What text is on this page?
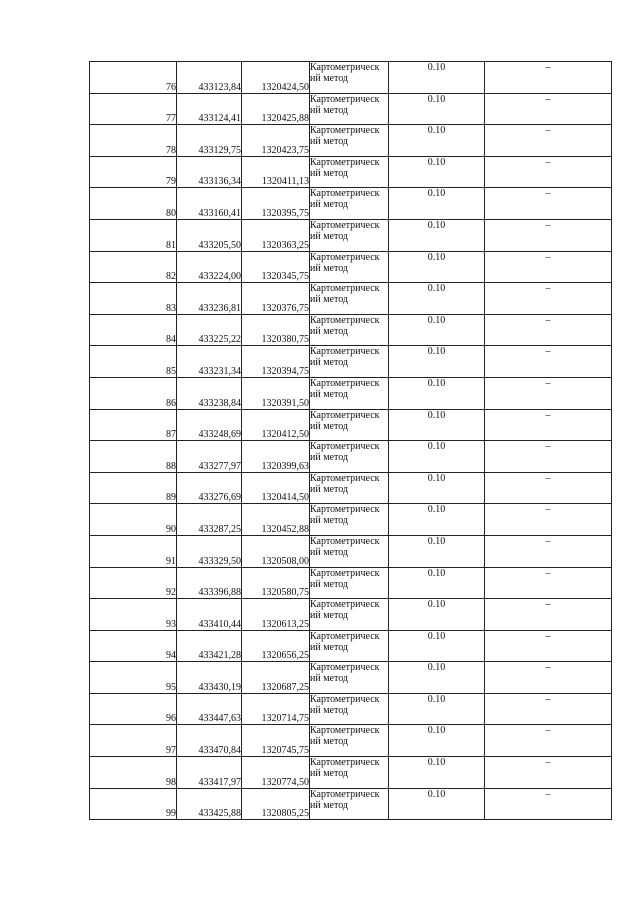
76	433123,84	1320424,50	Картометрическ
ий метод	0.10	–
77	433124,41	1320425,88	Картометрическ
ий метод	0.10	–
78	433129,75	1320423,75	Картометрическ
ий метод	0.10	–
79	433136,34	1320411,13	Картометрическ
ий метод	0.10	–
80	433160,41	1320395,75	Картометрическ
ий метод	0.10	–
81	433205,50	1320363,25	Картометрическ
ий метод	0.10	–
82	433224,00	1320345,75	Картометрическ
ий метод	0.10	–
83	433236,81	1320376,75	Картометрическ
ий метод	0.10	–
84	433225,22	1320380,75	Картометрическ
ий метод	0.10	–
85	433231,34	1320394,75	Картометрическ
ий метод	0.10	–
86	433238,84	1320391,50	Картометрическ
ий метод	0.10	–
87	433248,69	1320412,50	Картометрическ
ий метод	0.10	–
88	433277,97	1320399,63	Картометрическ
ий метод	0.10	–
89	433276,69	1320414,50	Картометрическ
ий метод	0.10	–
90	433287,25	1320452,88	Картометрическ
ий метод	0.10	–
91	433329,50	1320508,00	Картометрическ
ий метод	0.10	–
92	433396,88	1320580,75	Картометрическ
ий метод	0.10	–
93	433410,44	1320613,25	Картометрическ
ий метод	0.10	–
94	433421,28	1320656,25	Картометрическ
ий метод	0.10	–
95	433430,19	1320687,25	Картометрическ
ий метод	0.10	–
96	433447,63	1320714,75	Картометрическ
ий метод	0.10	–
97	433470,84	1320745,75	Картометрическ
ий метод	0.10	–
98	433417,97	1320774,50	Картометрическ
ий метод	0.10	–
99	433425,88	1320805,25	Картометрическ
ий метод	0.10	–
